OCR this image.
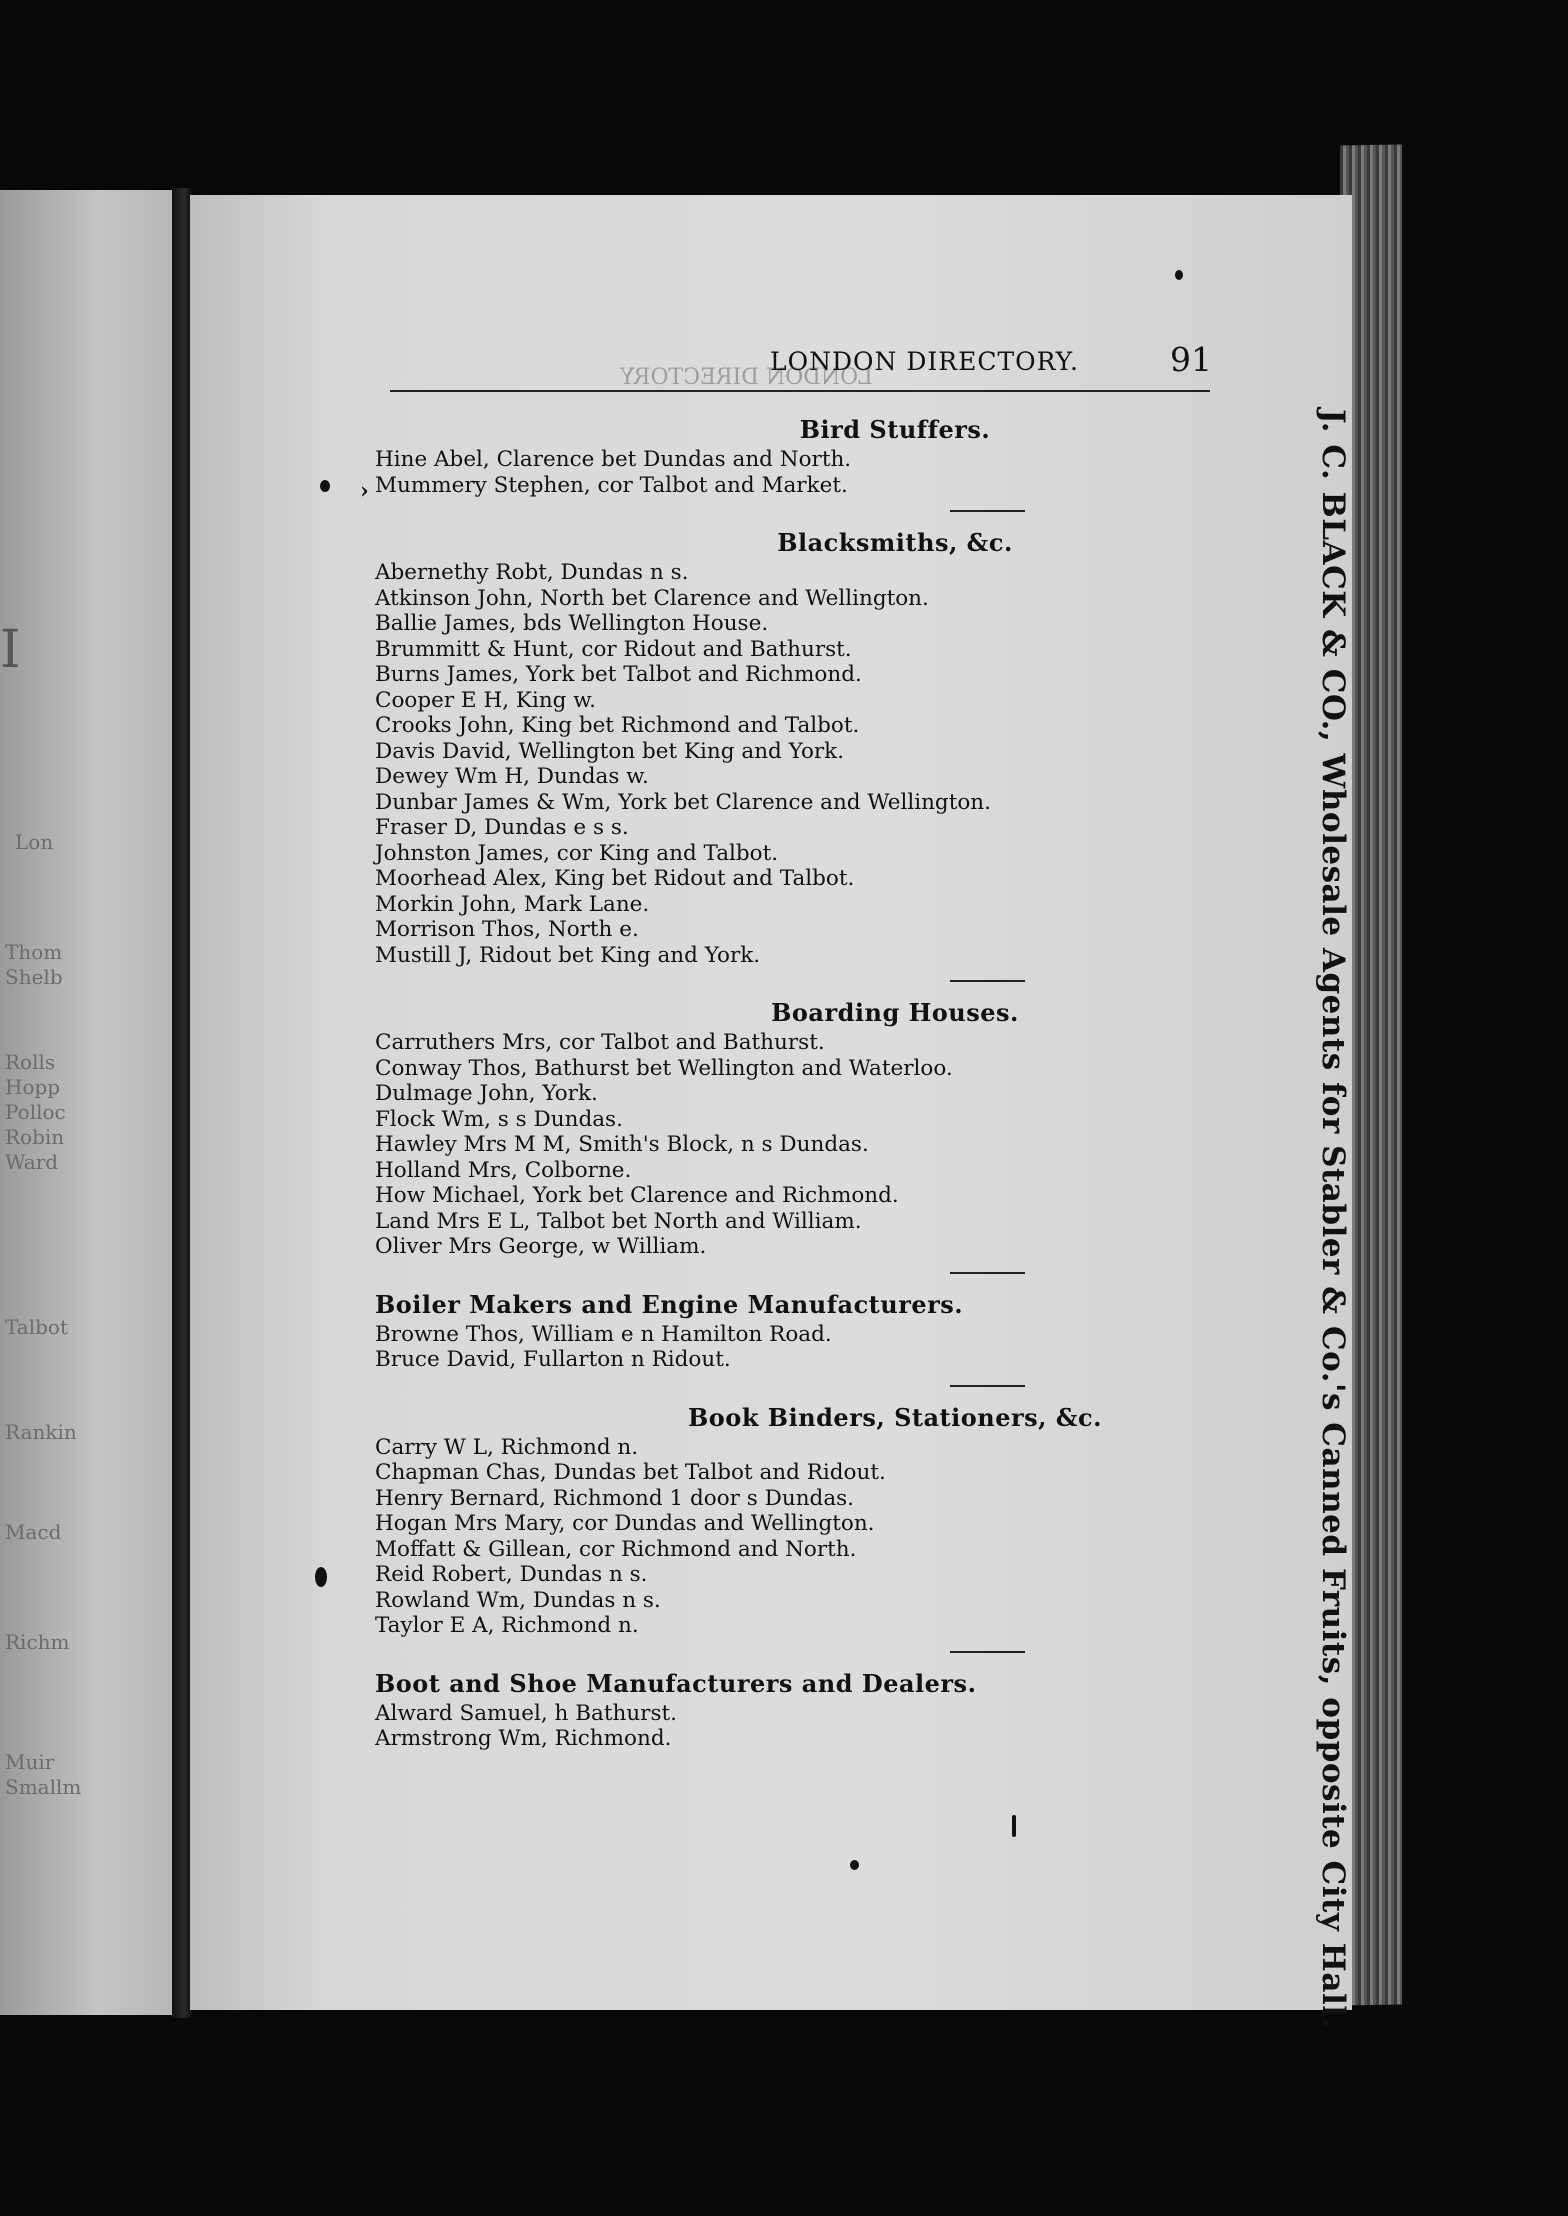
I
Lon
Thom
Shelb
Rolls
Hopp
Polloc
Robin
Ward
Talbot
Rankin
Macd
Richm
Muir
Smallm
LONDON DIRECTORY
LONDON DIRECTORY.	91
›
Bird Stuffers.
Hine Abel, Clarence bet Dundas and North.
Mummery Stephen, cor Talbot and Market.
Blacksmiths, &c.
Abernethy Robt, Dundas n s.
Atkinson John, North bet Clarence and Wellington.
Ballie James, bds Wellington House.
Brummitt & Hunt, cor Ridout and Bathurst.
Burns James, York bet Talbot and Richmond.
Cooper E H, King w.
Crooks John, King bet Richmond and Talbot.
Davis David, Wellington bet King and York.
Dewey Wm H, Dundas w.
Dunbar James & Wm, York bet Clarence and Wellington.
Fraser D, Dundas e s s.
Johnston James, cor King and Talbot.
Moorhead Alex, King bet Ridout and Talbot.
Morkin John, Mark Lane.
Morrison Thos, North e.
Mustill J, Ridout bet King and York.
Boarding Houses.
Carruthers Mrs, cor Talbot and Bathurst.
Conway Thos, Bathurst bet Wellington and Waterloo.
Dulmage John, York.
Flock Wm, s s Dundas.
Hawley Mrs M M, Smith's Block, n s Dundas.
Holland Mrs, Colborne.
How Michael, York bet Clarence and Richmond.
Land Mrs E L, Talbot bet North and William.
Oliver Mrs George, w William.
Boiler Makers and Engine Manufacturers.
Browne Thos, William e n Hamilton Road.
Bruce David, Fullarton n Ridout.
Book Binders, Stationers, &c.
Carry W L, Richmond n.
Chapman Chas, Dundas bet Talbot and Ridout.
Henry Bernard, Richmond 1 door s Dundas.
Hogan Mrs Mary, cor Dundas and Wellington.
Moffatt & Gillean, cor Richmond and North.
Reid Robert, Dundas n s.
Rowland Wm, Dundas n s.
Taylor E A, Richmond n.
Boot and Shoe Manufacturers and Dealers.
Alward Samuel, h Bathurst.
Armstrong Wm, Richmond.	J. C. BLACK & CO., Wholesale Agents for Stabler & Co.'s Canned Fruits, opposite City Hall.
